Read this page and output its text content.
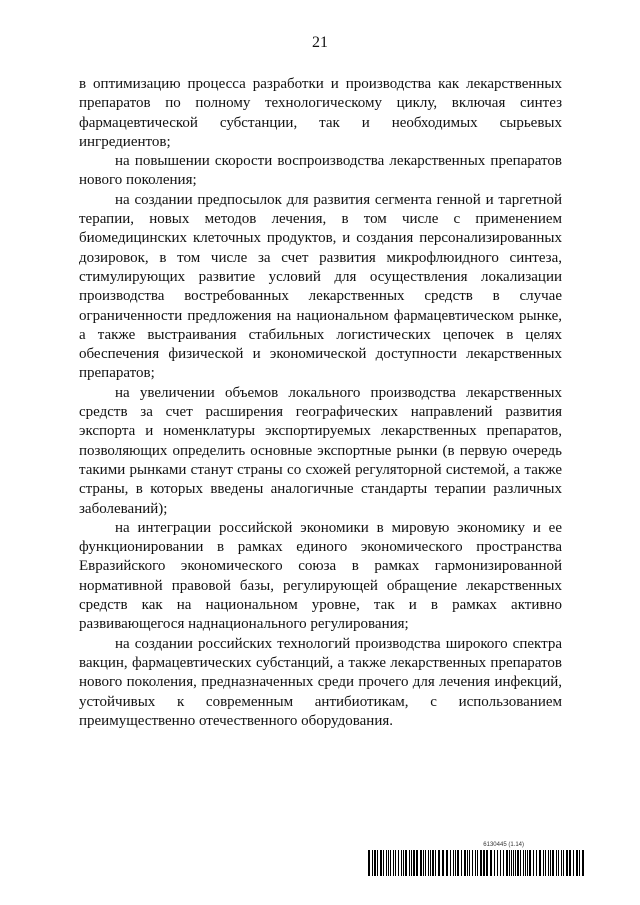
21

в оптимизацию процесса разработки и производства как лекарственных препаратов по полному технологическому циклу, включая синтез фармацевтической субстанции, так и необходимых сырьевых ингредиентов;

на повышении скорости воспроизводства лекарственных препаратов нового поколения;

на создании предпосылок для развития сегмента генной и таргетной терапии, новых методов лечения, в том числе с применением биомедицинских клеточных продуктов, и создания персонализированных дозировок, в том числе за счет развития микрофлюидного синтеза, стимулирующих развитие условий для осуществления локализации производства востребованных лекарственных средств в случае ограниченности предложения на национальном фармацевтическом рынке, а также выстраивания стабильных логистических цепочек в целях обеспечения физической и экономической доступности лекарственных препаратов;

на увеличении объемов локального производства лекарственных средств за счет расширения географических направлений развития экспорта и номенклатуры экспортируемых лекарственных препаратов, позволяющих определить основные экспортные рынки (в первую очередь такими рынками станут страны со схожей регуляторной системой, а также страны, в которых введены аналогичные стандарты терапии различных заболеваний);

на интеграции российской экономики в мировую экономику и ее функционировании в рамках единого экономического пространства Евразийского экономического союза в рамках гармонизированной нормативной правовой базы, регулирующей обращение лекарственных средств как на национальном уровне, так и в рамках активно развивающегося наднационального регулирования;

на создании российских технологий производства широкого спектра вакцин, фармацевтических субстанций, а также лекарственных препаратов нового поколения, предназначенных среди прочего для лечения инфекций, устойчивых к современным антибиотикам, с использованием преимущественно отечественного оборудования.

6130445 (1.14)
